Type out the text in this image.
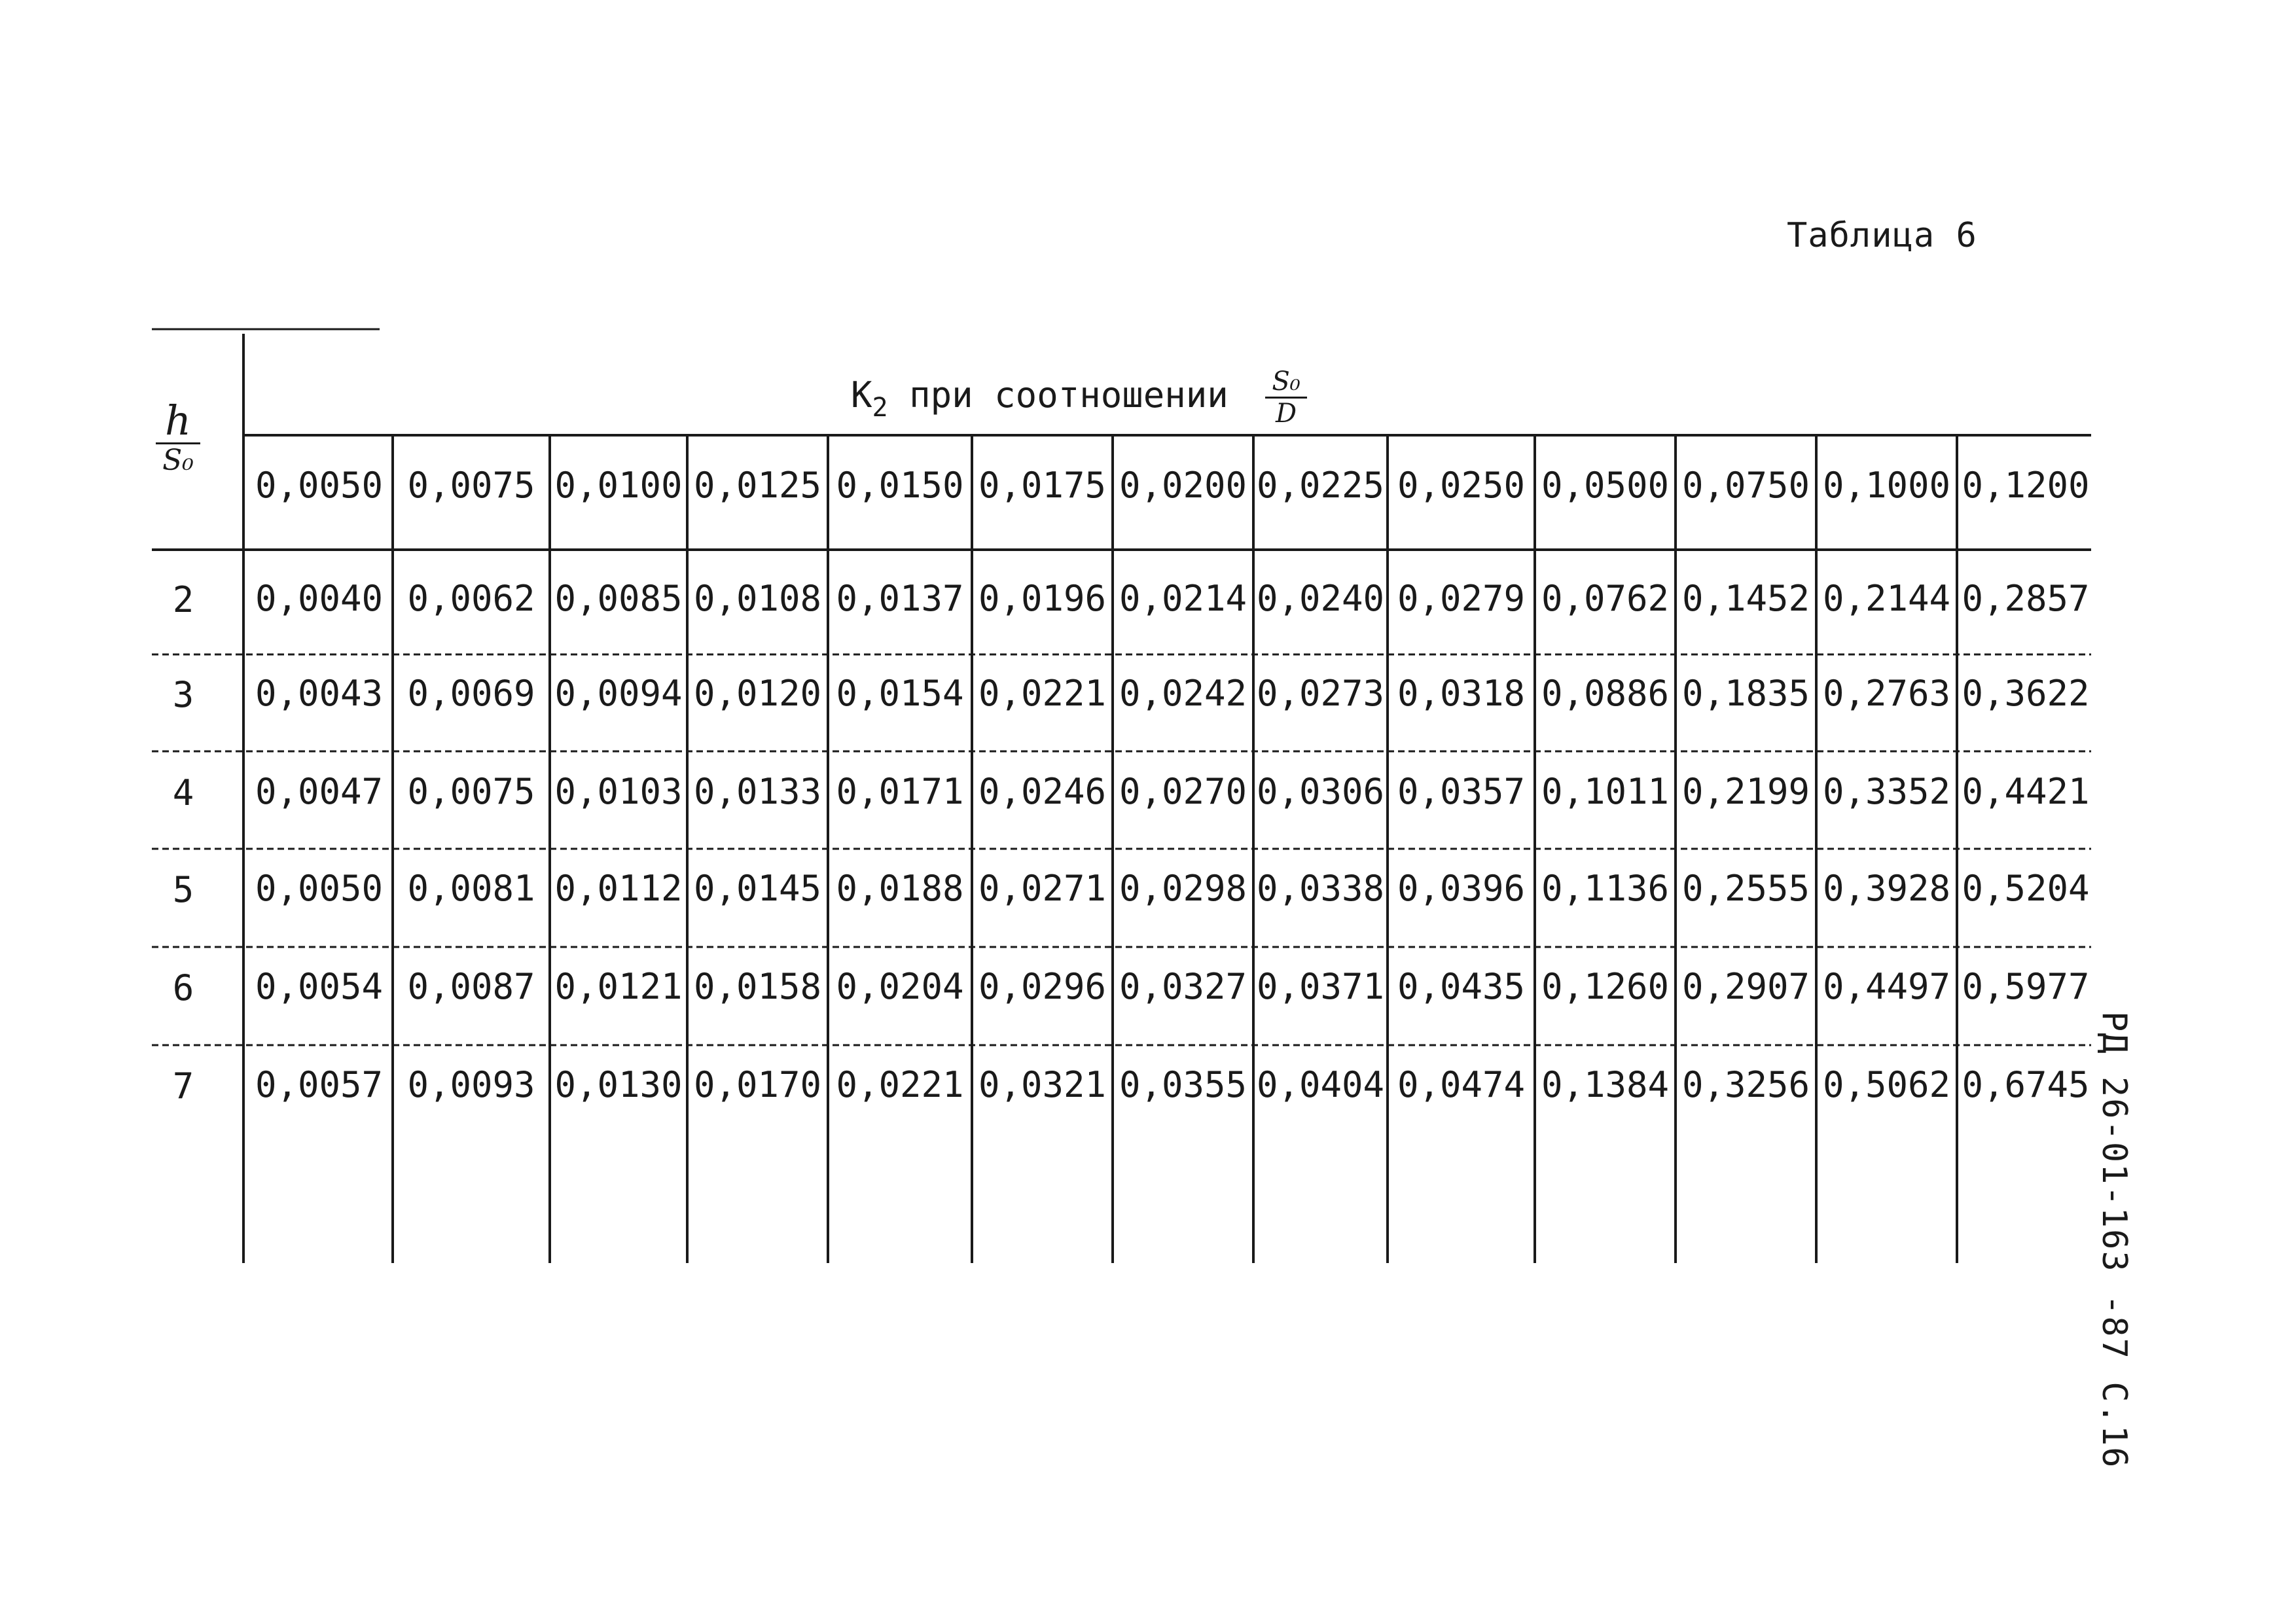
Таблица 6
h
S₀
$К_2$ при соотношении $\frac{\text{S₀}}{D}$
0,0050 0,0075 0,0100 0,0125 0,0150 0,0175 0,0200 0,0225 0,0250 0,0500 0,0750 0,1000 0,1200
2	0,0040 0,0062 0,0085 0,0108 0,0137 0,0196 0,0214 0,0240 0,0279 0,0762 0,1452 0,2144 0,2857
3	0,0043 0,0069 0,0094 0,0120 0,0154 0,0221 0,0242 0,0273 0,0318 0,0886 0,1835 0,2763 0,3622
4	0,0047 0,0075 0,0103 0,0133 0,0171 0,0246 0,0270 0,0306 0,0357 0,1011 0,2199 0,3352 0,4421
5	0,0050 0,0081 0,0112 0,0145 0,0188 0,0271 0,0298 0,0338 0,0396 0,1136 0,2555 0,3928 0,5204
6	0,0054 0,0087 0,0121 0,0158 0,0204 0,0296 0,0327 0,0371 0,0435 0,1260 0,2907 0,4497 0,5977
7	0,0057 0,0093 0,0130 0,0170 0,0221 0,0321 0,0355 0,0404 0,0474 0,1384 0,3256 0,5062 0,6745 РД 26-01-163 -87 С.16
